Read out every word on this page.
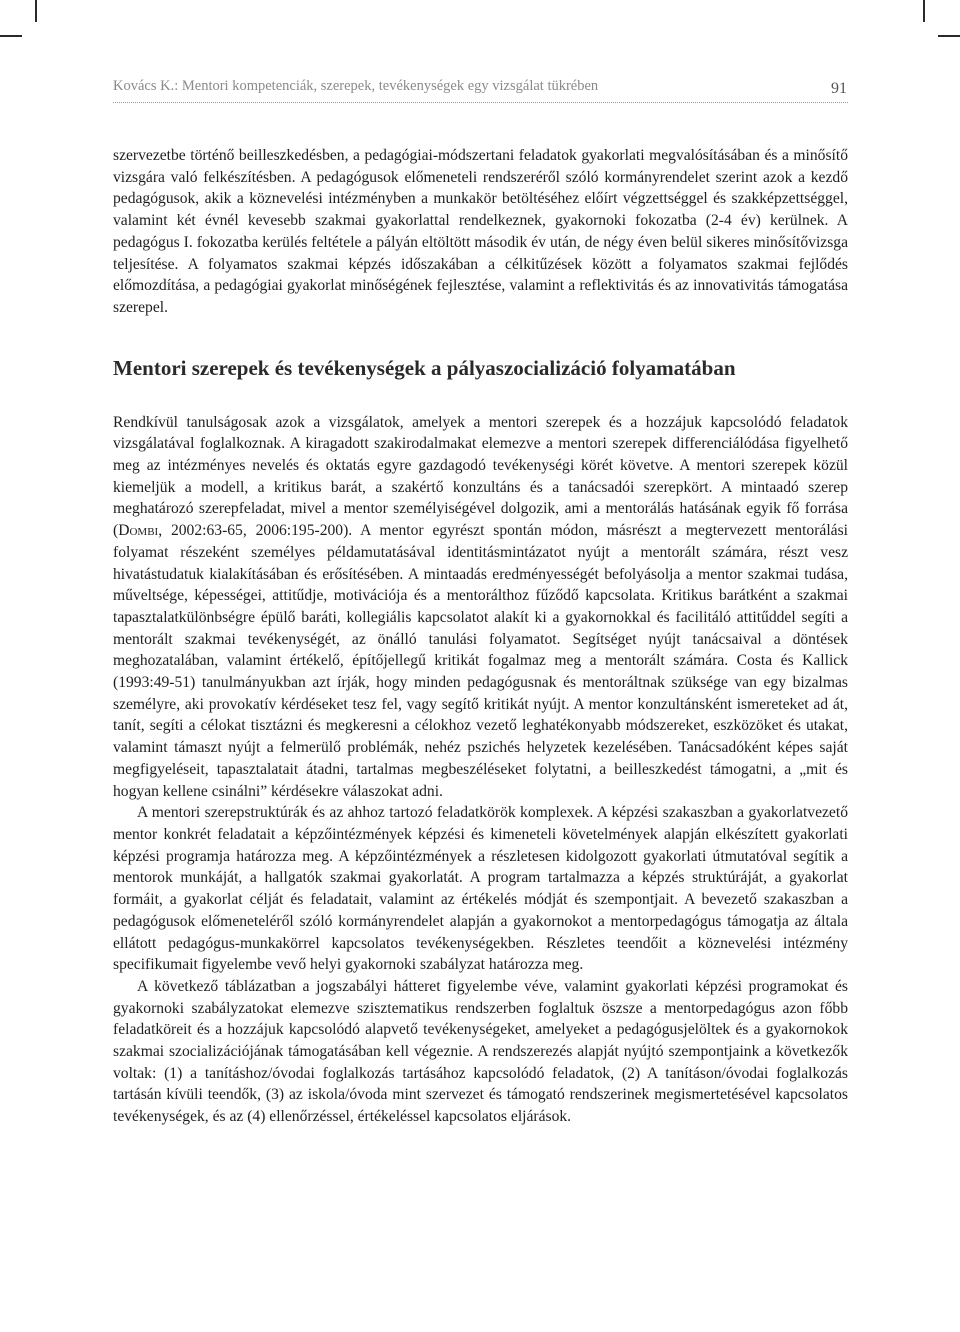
Kovács K.: Mentori kompetenciák, szerepek, tevékenységek egy vizsgálat tükrében	91

szervezetbe történő beilleszkedésben, a pedagógiai-módszertani feladatok gyakorlati megvalósításában és a minősítő vizsgára való felkészítésben. A pedagógusok előmeneteli rendszeréről szóló kormányrendelet szerint azok a kezdő pedagógusok, akik a köznevelési intézményben a munkakör betöltéséhez előírt végzettséggel és szakképzettséggel, valamint két évnél kevesebb szakmai gyakorlattal rendelkeznek, gyakornoki fokozatba (2-4 év) kerülnek. A pedagógus I. fokozatba kerülés feltétele a pályán eltöltött második év után, de négy éven belül sikeres minősítővizsga teljesítése. A folyamatos szakmai képzés időszakában a célkitűzések között a folyamatos szakmai fejlődés előmozdítása, a pedagógiai gyakorlat minőségének fejlesztése, valamint a reflektivitás és az innovativitás támogatása szerepel.

Mentori szerepek és tevékenységek a pályaszocializáció folyamatában

Rendkívül tanulságosak azok a vizsgálatok, amelyek a mentori szerepek és a hozzájuk kapcsolódó feladatok vizsgálatával foglalkoznak. A kiragadott szakirodalmakat elemezve a mentori szerepek differenciálódása figyelhető meg az intézményes nevelés és oktatás egyre gazdagodó tevékenységi körét követve. A mentori szerepek közül kiemeljük a modell, a kritikus barát, a szakértő konzultáns és a tanácsadói szerepkört. A mintaadó szerep meghatározó szerepfeladat, mivel a mentor személyiségével dolgozik, ami a mentorálás hatásának egyik fő forrása (Dombi, 2002:63-65, 2006:195-200). A mentor egyrészt spontán módon, másrészt a megtervezett mentorálási folyamat részeként személyes példamutatásával identitásmintázatot nyújt a mentorált számára, részt vesz hivatástudatuk kialakításában és erősítésében. A mintaadás eredményességét befolyásolja a mentor szakmai tudása, műveltsége, képességei, attitűdje, motivációja és a mentorálthoz fűződő kapcsolata. Kritikus barátként a szakmai tapasztalatkülönbségre épülő baráti, kollegiális kapcsolatot alakít ki a gyakornokkal és facilitáló attitűddel segíti a mentorált szakmai tevékenységét, az önálló tanulási folyamatot. Segítséget nyújt tanácsaival a döntések meghozatalában, valamint értékelő, építőjellegű kritikát fogalmaz meg a mentorált számára. Costa és Kallick (1993:49-51) tanulmányukban azt írják, hogy minden pedagógusnak és mentoráltnak szüksége van egy bizalmas személyre, aki provokatív kérdéseket tesz fel, vagy segítő kritikát nyújt. A mentor konzultánsként ismereteket ad át, tanít, segíti a célokat tisztázni és megkeresni a célokhoz vezető leghatékonyabb módszereket, eszközöket és utakat, valamint támaszt nyújt a felmerülő problémák, nehéz pszichés helyzetek kezelésében. Tanácsadóként képes saját megfigyeléseit, tapasztalatait átadni, tartalmas megbeszéléseket folytatni, a beilleszkedést támogatni, a „mit és hogyan kellene csinálni” kérdésekre válaszokat adni.

A mentori szerepstruktúrák és az ahhoz tartozó feladatkörök komplexek. A képzési szakaszban a gyakorlatvezető mentor konkrét feladatait a képzőintézmények képzési és kimeneteli követelmények alapján elkészített gyakorlati képzési programja határozza meg. A képzőintézmények a részletesen kidolgozott gyakorlati útmutatóval segítik a mentorok munkáját, a hallgatók szakmai gyakorlatát. A program tartalmazza a képzés struktúráját, a gyakorlat formáit, a gyakorlat célját és feladatait, valamint az értékelés módját és szempontjait. A bevezető szakaszban a pedagógusok előmeneteléről szóló kormányrendelet alapján a gyakornokot a mentorpedagógus támogatja az általa ellátott pedagógus-munkakörrel kapcsolatos tevékenységekben. Részletes teendőit a köznevelési intézmény specifikumait figyelembe vevő helyi gyakornoki szabályzat határozza meg.

A következő táblázatban a jogszabályi hátteret figyelembe véve, valamint gyakorlati képzési programokat és gyakornoki szabályzatokat elemezve szisztematikus rendszerben foglaltuk öszsze a mentorpedagógus azon főbb feladatköreit és a hozzájuk kapcsolódó alapvető tevékenységeket, amelyeket a pedagógusjelöltek és a gyakornokok szakmai szocializációjának támogatásában kell végeznie. A rendszerezés alapját nyújtó szempontjaink a következők voltak: (1) a tanításhoz/óvodai foglalkozás tartásához kapcsolódó feladatok, (2) A tanításon/óvodai foglalkozás tartásán kívüli teendők, (3) az iskola/óvoda mint szervezet és támogató rendszerinek megismertetésével kapcsolatos tevékenységek, és az (4) ellenőrzéssel, értékeléssel kapcsolatos eljárások.
